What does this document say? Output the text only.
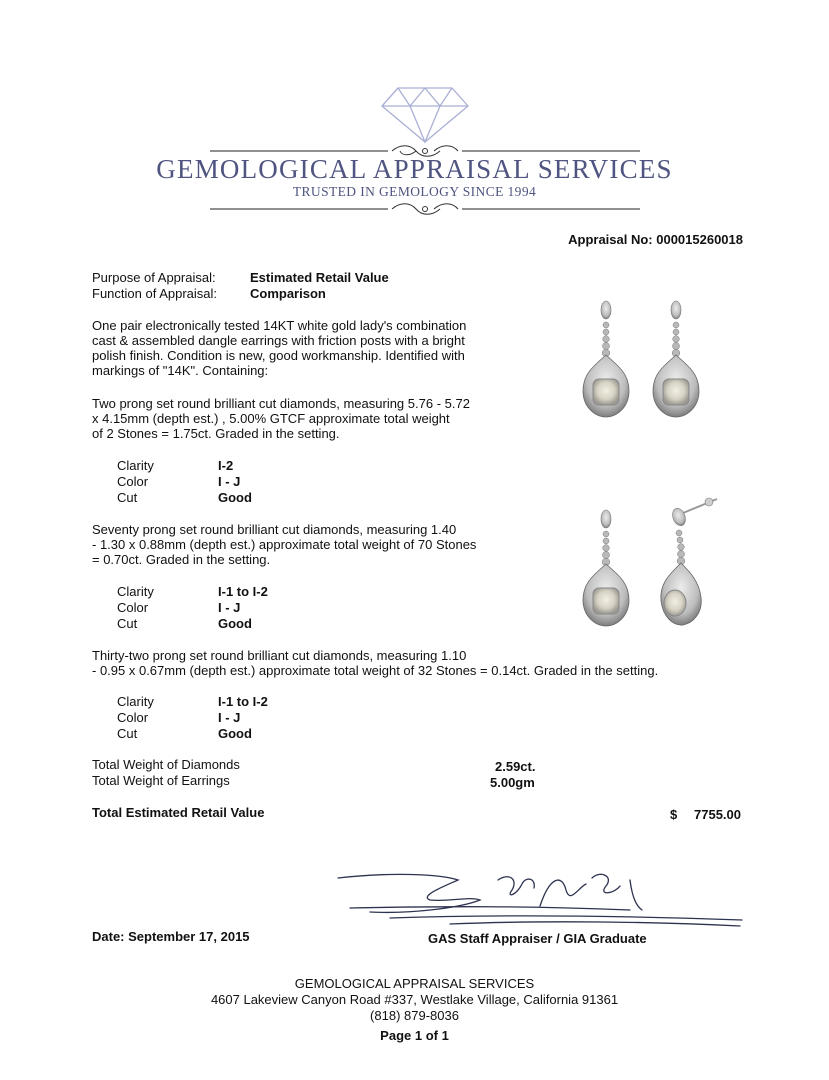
GEMOLOGICAL APPRAISAL SERVICES
TRUSTED IN GEMOLOGY SINCE 1994
Appraisal No: 000015260018
Purpose of Appraisal:	Estimated Retail Value
Function of Appraisal:	Comparison
One pair electronically tested 14KT white gold lady's combination
cast & assembled dangle earrings with friction posts with a bright
polish finish. Condition is new, good workmanship. Identified with
markings of "14K". Containing:
Two prong set round brilliant cut diamonds, measuring 5.76 - 5.72
x 4.15mm (depth est.) , 5.00% GTCF approximate total weight
of 2 Stones = 1.75ct. Graded in the setting.
Clarity	I-2
Color	I - J
Cut	Good
Seventy prong set round brilliant cut diamonds, measuring 1.40
- 1.30 x 0.88mm (depth est.) approximate total weight of 70 Stones
= 0.70ct. Graded in the setting.
Clarity	I-1 to I-2
Color	I - J
Cut	Good
Thirty-two prong set round brilliant cut diamonds, measuring 1.10
- 0.95 x 0.67mm (depth est.) approximate total weight of 32 Stones = 0.14ct. Graded in the setting.
Clarity	I-1 to I-2
Color	I - J
Cut	Good
Total Weight of Diamonds	2.59ct.
Total Weight of Earrings	5.00gm
Total Estimated Retail Value	$ 7755.00
Date: September 17, 2015	GAS Staff Appraiser / GIA Graduate
GEMOLOGICAL APPRAISAL SERVICES
4607 Lakeview Canyon Road #337, Westlake Village, California 91361
(818) 879-8036
Page 1 of 1
